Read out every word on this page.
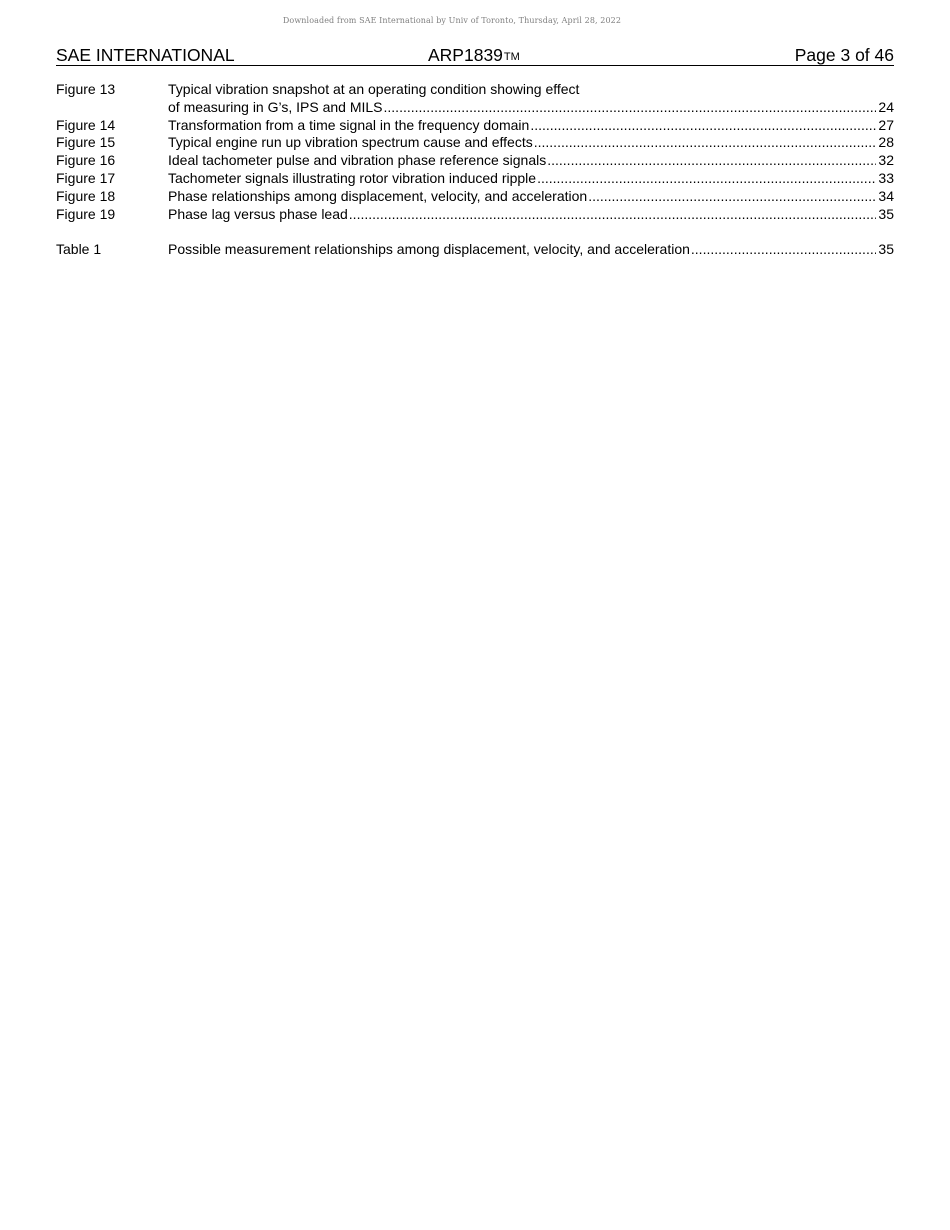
Downloaded from SAE International by Univ of Toronto, Thursday, April 28, 2022
SAE INTERNATIONAL	ARP1839TM	Page 3 of 46
Figure 13	Typical vibration snapshot at an operating condition showing effect
of measuring in G’s, IPS and MILS .....	24
Figure 14	Transformation from a time signal in the frequency domain .....	27
Figure 15	Typical engine run up vibration spectrum cause and effects .....	28
Figure 16	Ideal tachometer pulse and vibration phase reference signals .....	32
Figure 17	Tachometer signals illustrating rotor vibration induced ripple .....	33
Figure 18	Phase relationships among displacement, velocity, and acceleration .....	34
Figure 19	Phase lag versus phase lead .....	35
Table 1	Possible measurement relationships among displacement, velocity, and acceleration .....	35
